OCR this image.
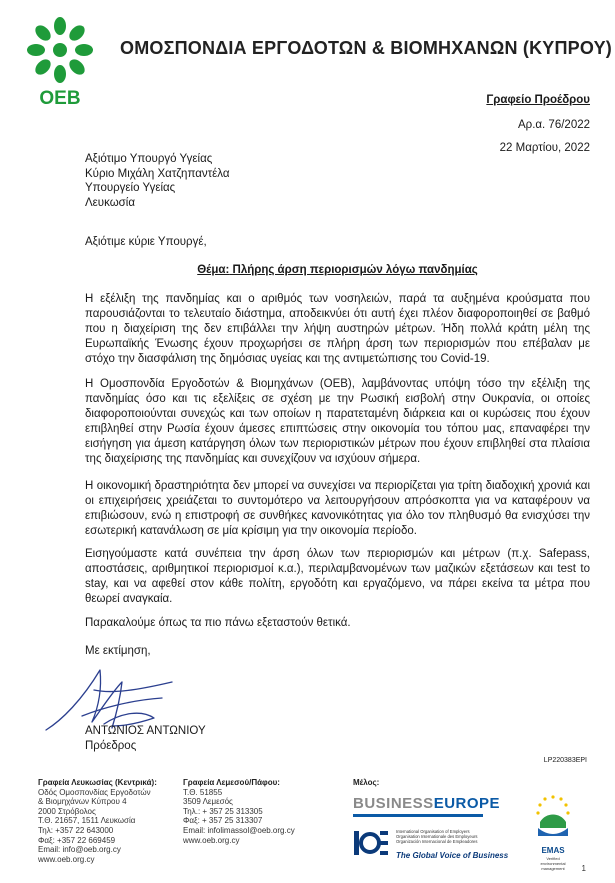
OEB
ΟΜΟΣΠΟΝΔΙΑ ΕΡΓΟΔΟΤΩΝ & ΒΙΟΜΗΧΑΝΩΝ (ΚΥΠΡΟΥ)
Γραφείο Προέδρου
Αρ.α. 76/2022
22 Μαρτίου, 2022
Αξιότιμο Υπουργό Υγείας
Κύριο Μιχάλη Χατζηπαντέλα
Υπουργείο Υγείας
Λευκωσία
Αξιότιμε κύριε Υπουργέ,
Θέμα: Πλήρης άρση περιορισμών λόγω πανδημίας
Η εξέλιξη της πανδημίας και ο αριθμός των νοσηλειών, παρά τα αυξημένα κρούσματα που παρουσιάζονται το τελευταίο διάστημα, αποδεικνύει ότι αυτή έχει πλέον διαφοροποιηθεί σε βαθμό που η διαχείριση της δεν επιβάλλει την λήψη αυστηρών μέτρων. Ήδη πολλά κράτη μέλη της Ευρωπαϊκής Ένωσης έχουν προχωρήσει σε πλήρη άρση των περιορισμών που επέβαλαν με στόχο την διασφάλιση της δημόσιας υγείας και της αντιμετώπισης του Covid-19.
Η Ομοσπονδία Εργοδοτών & Βιομηχάνων (ΟΕΒ), λαμβάνοντας υπόψη τόσο την εξέλιξη της πανδημίας όσο και τις εξελίξεις σε σχέση με την Ρωσική εισβολή στην Ουκρανία, οι οποίες διαφοροποιούνται συνεχώς και των οποίων η παρατεταμένη διάρκεια και οι κυρώσεις που έχουν επιβληθεί στην Ρωσία έχουν άμεσες επιπτώσεις στην οικονομία του τόπου μας, επαναφέρει την εισήγηση για άμεση κατάργηση όλων των περιοριστικών μέτρων που έχουν επιβληθεί στα πλαίσια της διαχείρισης της πανδημίας και συνεχίζουν να ισχύουν σήμερα.
Η οικονομική δραστηριότητα δεν μπορεί να συνεχίσει να περιορίζεται για τρίτη διαδοχική χρονιά και οι επιχειρήσεις χρειάζεται το συντομότερο να λειτουργήσουν απρόσκοπτα για να καταφέρουν να επιβιώσουν, ενώ η επιστροφή σε συνθήκες κανονικότητας για όλο τον πληθυσμό θα ενισχύσει την εσωτερική κατανάλωση σε μία κρίσιμη για την οικονομία περίοδο.
Εισηγούμαστε κατά συνέπεια την άρση όλων των περιορισμών και μέτρων (π.χ. Safepass, αποστάσεις, αριθμητικοί περιορισμοί κ.α.), περιλαμβανομένων των μαζικών εξετάσεων και test to stay, και να αφεθεί στον κάθε πολίτη, εργοδότη και εργαζόμενο, να πάρει εκείνα τα μέτρα που θεωρεί αναγκαία.
Παρακαλούμε όπως τα πιο πάνω εξεταστούν θετικά.
Με εκτίμηση,
ΑΝΤΩΝΙΟΣ ΑΝΤΩΝΙΟΥ
Πρόεδρος
LP220383EPI
Γραφεία Λευκωσίας (Κεντρικά):
Οδός Ομοσπονδίας Εργοδοτών
& Βιομηχάνων Κύπρου 4
2000 Στρόβολος
Τ.Θ. 21657, 1511 Λευκωσία
Τηλ: +357 22 643000
Φαξ: +357 22 669459
Email: info@oeb.org.cy
www.oeb.org.cy
Γραφεία Λεμεσού/Πάφου:
Τ.Θ. 51855
3509 Λεμεσός
Τηλ.: + 357 25 313305
Φαξ: + 357 25 313307
Email: infolimassol@oeb.org.cy
www.oeb.org.cy
Μέλος:
BUSINESSEUROPE
International Organisation of Employers
Organisation Internationale des Employeurs
Organización Internacional de Empleadores
The Global Voice of Business
EMAS
Verified
environmental
management	1
